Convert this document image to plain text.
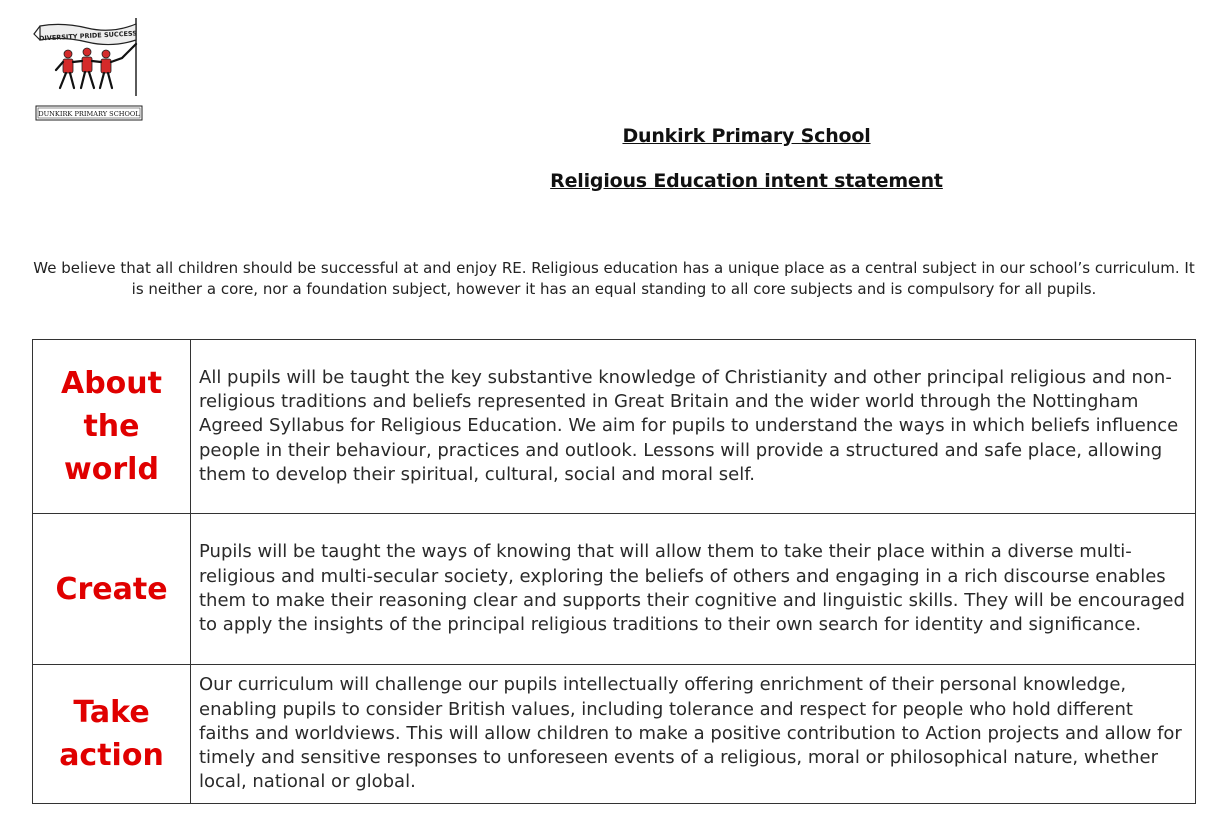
DIVERSITY PRIDE SUCCESS
DUNKIRK PRIMARY SCHOOL

Dunkirk Primary School

Religious Education intent statement

We believe that all children should be successful at and enjoy RE. Religious education has a unique place as a central subject in our school’s curriculum. It is neither a core, nor a foundation subject, however it has an equal standing to all core subjects and is compulsory for all pupils.
About the world	All pupils will be taught the key substantive knowledge of Christianity and other principal religious and non-religious traditions and beliefs represented in Great Britain and the wider world through the Nottingham Agreed Syllabus for Religious Education. We aim for pupils to understand the ways in which beliefs influence people in their behaviour, practices and outlook. Lessons will provide a structured and safe place, allowing them to develop their spiritual, cultural, social and moral self.

Create	Pupils will be taught the ways of knowing that will allow them to take their place within a diverse multi-religious and multi-secular society, exploring the beliefs of others and engaging in a rich discourse enables them to make their reasoning clear and supports their cognitive and linguistic skills. They will be encouraged to apply the insights of the principal religious traditions to their own search for identity and significance.

Take action	Our curriculum will challenge our pupils intellectually offering enrichment of their personal knowledge, enabling pupils to consider British values, including tolerance and respect for people who hold different faiths and worldviews. This will allow children to make a positive contribution to Action projects and allow for timely and sensitive responses to unforeseen events of a religious, moral or philosophical nature, whether local, national or global.
